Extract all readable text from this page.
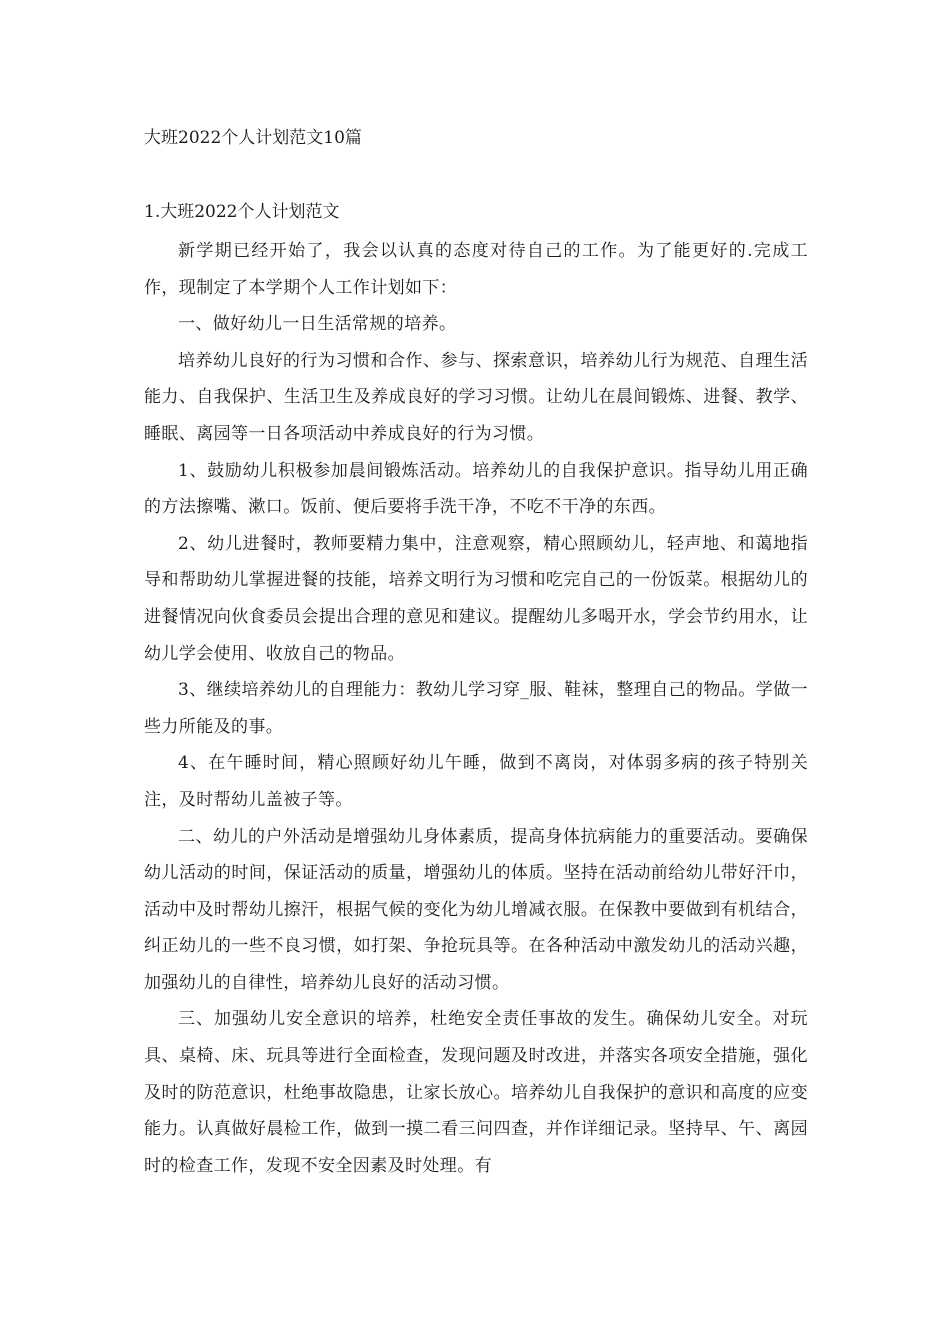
大班2022个人计划范文10篇
1.大班2022个人计划范文

新学期已经开始了，我会以认真的态度对待自己的工作。为了能更好的.完成工作，现制定了本学期个人工作计划如下：

一、做好幼儿一日生活常规的培养。

培养幼儿良好的行为习惯和合作、参与、探索意识，培养幼儿行为规范、自理生活能力、自我保护、生活卫生及养成良好的学习习惯。让幼儿在晨间锻炼、进餐、教学、睡眠、离园等一日各项活动中养成良好的行为习惯。

1、鼓励幼儿积极参加晨间锻炼活动。培养幼儿的自我保护意识。指导幼儿用正确的方法擦嘴、漱口。饭前、便后要将手洗干净，不吃不干净的东西。

2、幼儿进餐时，教师要精力集中，注意观察，精心照顾幼儿，轻声地、和蔼地指导和帮助幼儿掌握进餐的技能，培养文明行为习惯和吃完自己的一份饭菜。根据幼儿的进餐情况向伙食委员会提出合理的意见和建议。提醒幼儿多喝开水，学会节约用水，让幼儿学会使用、收放自己的物品。

3、继续培养幼儿的自理能力：教幼儿学习穿_服、鞋袜，整理自己的物品。学做一些力所能及的事。

4、在午睡时间，精心照顾好幼儿午睡，做到不离岗，对体弱多病的孩子特别关注，及时帮幼儿盖被子等。

二、幼儿的户外活动是增强幼儿身体素质，提高身体抗病能力的重要活动。要确保幼儿活动的时间，保证活动的质量，增强幼儿的体质。坚持在活动前给幼儿带好汗巾，活动中及时帮幼儿擦汗，根据气候的变化为幼儿增减衣服。在保教中要做到有机结合，纠正幼儿的一些不良习惯，如打架、争抢玩具等。在各种活动中激发幼儿的活动兴趣，加强幼儿的自律性，培养幼儿良好的活动习惯。

三、加强幼儿安全意识的培养，杜绝安全责任事故的发生。确保幼儿安全。对玩具、桌椅、床、玩具等进行全面检查，发现问题及时改进，并落实各项安全措施，强化及时的防范意识，杜绝事故隐患，让家长放心。培养幼儿自我保护的意识和高度的应变能力。认真做好晨检工作，做到一摸二看三问四查，并作详细记录。坚持早、午、离园时的检查工作，发现不安全因素及时处理。有
